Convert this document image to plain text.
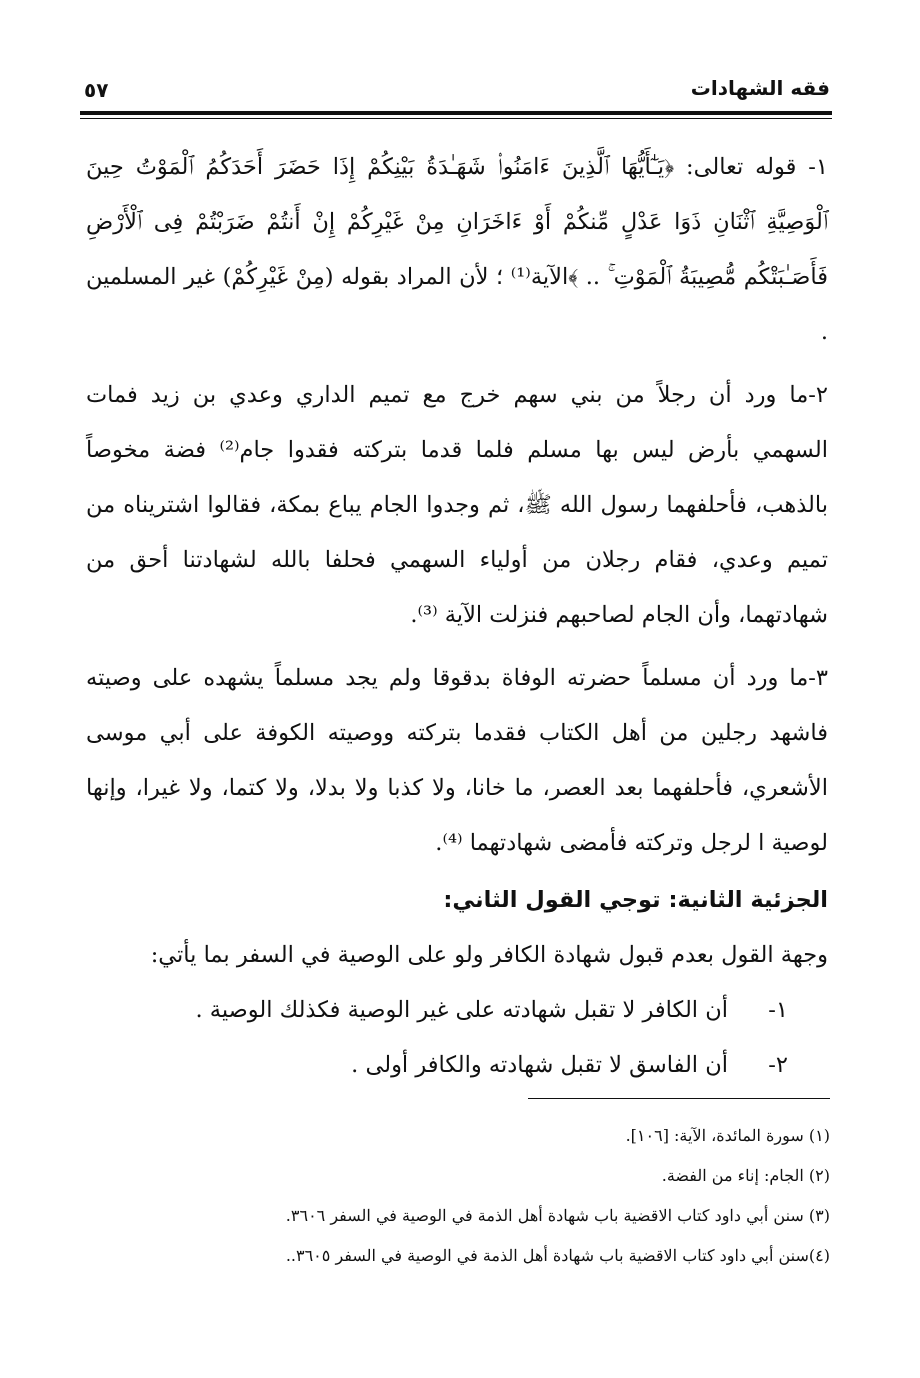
فقه الشهادات
٥٧

١- قوله تعالى: ﴿يَـٰٓأَيُّهَا ٱلَّذِينَ ءَامَنُوا۟ شَهَـٰدَةُ بَيْنِكُمْ إِذَا حَضَرَ أَحَدَكُمُ ٱلْمَوْتُ حِينَ ٱلْوَصِيَّةِ ٱثْنَانِ ذَوَا عَدْلٍ مِّنكُمْ أَوْ ءَاخَرَانِ مِنْ غَيْرِكُمْ إِنْ أَنتُمْ ضَرَبْتُمْ فِى ٱلْأَرْضِ فَأَصَـٰبَتْكُم مُّصِيبَةُ ٱلْمَوْتِ ۚ .. ﴾الآية⁽¹⁾ ؛ لأن المراد بقوله (مِنْ غَيْرِكُمْ) غير المسلمين .

٢-ما ورد أن رجلاً من بني سهم خرج مع تميم الداري وعدي بن زيد فمات السهمي بأرض ليس بها مسلم فلما قدما بتركته فقدوا جام⁽²⁾ فضة مخوصاً بالذهب، فأحلفهما رسول الله ﷺ، ثم وجدوا الجام يباع بمكة، فقالوا اشتريناه من تميم وعدي، فقام رجلان من أولياء السهمي فحلفا بالله لشهادتنا أحق من شهادتهما، وأن الجام لصاحبهم فنزلت الآية ⁽³⁾.

٣-ما ورد أن مسلماً حضرته الوفاة بدقوقا ولم يجد مسلماً يشهده على وصيته فاشهد رجلين من أهل الكتاب فقدما بتركته ووصيته الكوفة على أبي موسى الأشعري، فأحلفهما بعد العصر، ما خانا، ولا كذبا ولا بدلا، ولا كتما، ولا غيرا، وإنها لوصية ا لرجل وتركته فأمضى شهادتهما ⁽⁴⁾.

الجزئية الثانية: توجي القول الثاني:

وجهة القول بعدم قبول شهادة الكافر ولو على الوصية في السفر بما يأتي:

١-
أن الكافر لا تقبل شهادته على غير الوصية فكذلك الوصية .
٢-
أن الفاسق لا تقبل شهادته والكافر أولى .

(١) سورة المائدة، الآية: [١٠٦].

(٢) الجام: إناء من الفضة.

(٣) سنن أبي داود كتاب الاقضية باب شهادة أهل الذمة في الوصية في السفر ٣٦٠٦.

(٤)سنن أبي داود كتاب الاقضية باب شهادة أهل الذمة في الوصية في السفر ٣٦٠٥..
